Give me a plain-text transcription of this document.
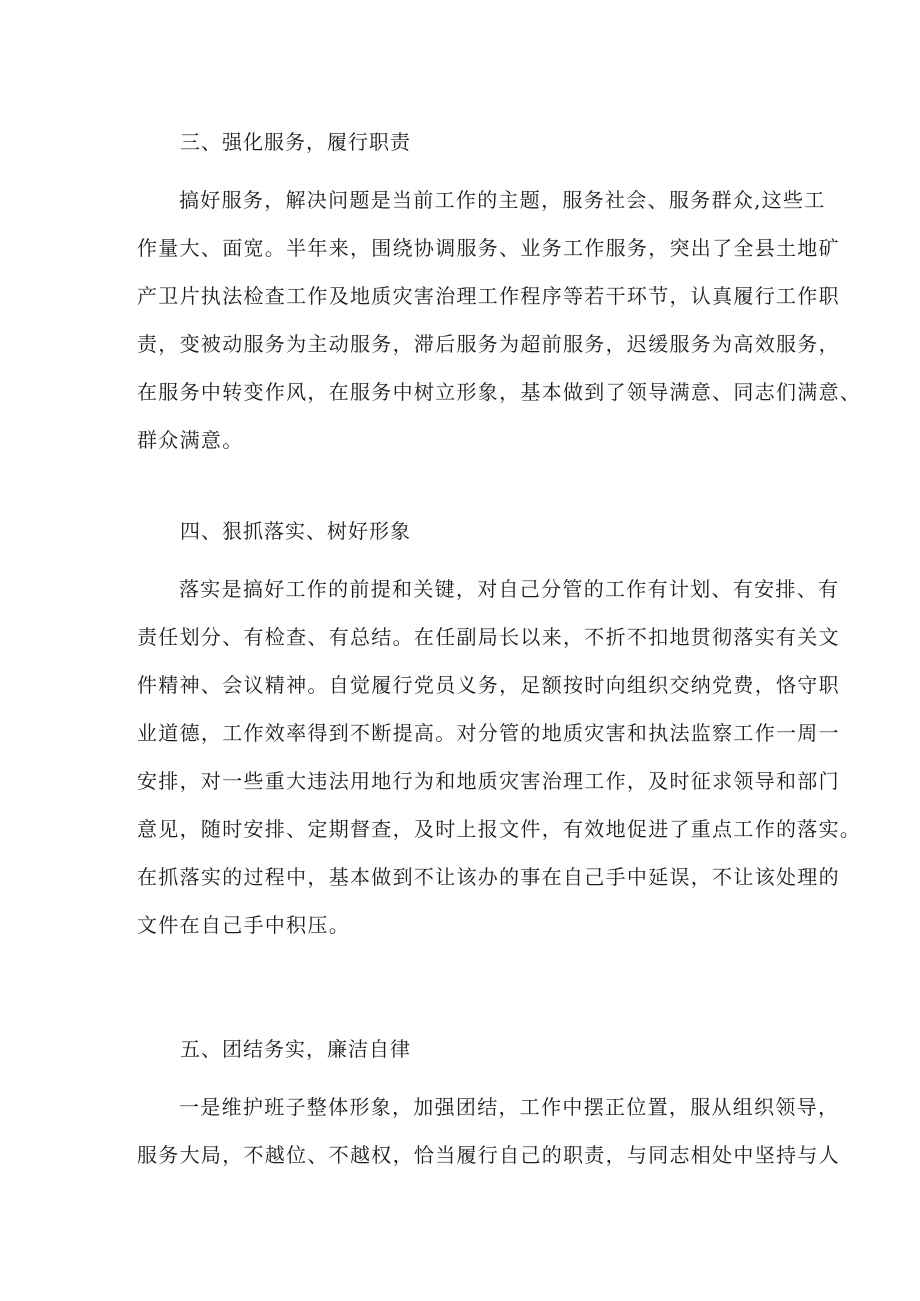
三、强化服务，履行职责
搞好服务，解决问题是当前工作的主题，服务社会、服务群众,这些工
作量大、面宽。半年来，围绕协调服务、业务工作服务，突出了全县土地矿
产卫片执法检查工作及地质灾害治理工作程序等若干环节，认真履行工作职
责，变被动服务为主动服务，滞后服务为超前服务，迟缓服务为高效服务，
在服务中转变作风，在服务中树立形象，基本做到了领导满意、同志们满意、
群众满意。
四、狠抓落实、树好形象
落实是搞好工作的前提和关键，对自己分管的工作有计划、有安排、有
责任划分、有检查、有总结。在任副局长以来，不折不扣地贯彻落实有关文
件精神、会议精神。自觉履行党员义务，足额按时向组织交纳党费，恪守职
业道德，工作效率得到不断提高。对分管的地质灾害和执法监察工作一周一
安排，对一些重大违法用地行为和地质灾害治理工作，及时征求领导和部门
意见，随时安排、定期督查，及时上报文件，有效地促进了重点工作的落实。
在抓落实的过程中，基本做到不让该办的事在自己手中延误，不让该处理的
文件在自己手中积压。
五、团结务实，廉洁自律
一是维护班子整体形象，加强团结，工作中摆正位置，服从组织领导，
服务大局，不越位、不越权，恰当履行自己的职责，与同志相处中坚持与人
